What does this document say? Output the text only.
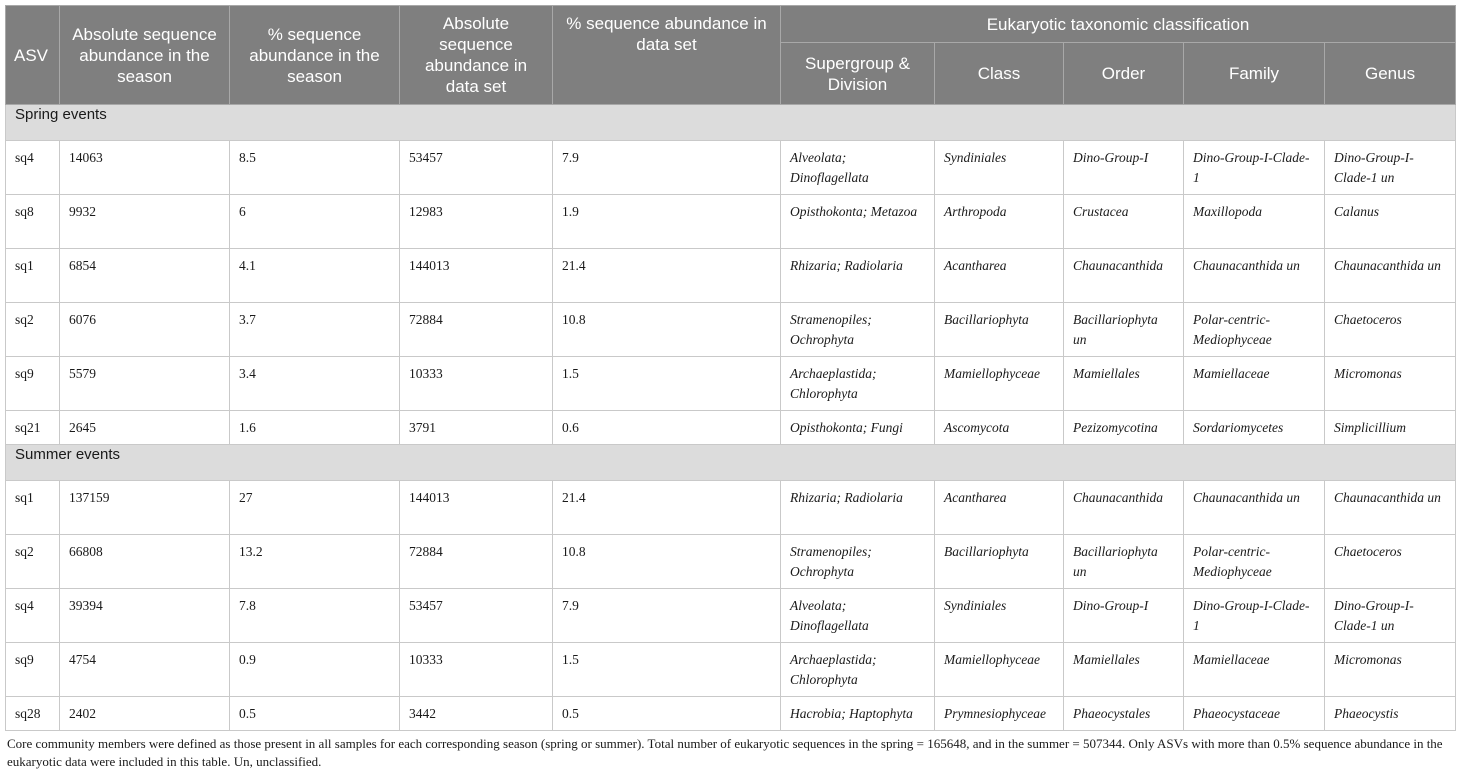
ASV	Absolute sequence abundance in the season	% sequence abundance in the season	Absolute sequence abundance in data set	% sequence abundance in data set	Eukaryotic taxonomic classification				
					Supergroup & Division	Class	Order	Family	Genus
Spring events									
sq4	14063	8.5	53457	7.9	Alveolata; Dinoflagellata	Syndiniales	Dino-Group-I	Dino-Group-I-Clade-1	Dino-Group-I-Clade-1 un
sq8	9932	6	12983	1.9	Opisthokonta; Metazoa	Arthropoda	Crustacea	Maxillopoda	Calanus
sq1	6854	4.1	144013	21.4	Rhizaria; Radiolaria	Acantharea	Chaunacanthida	Chaunacanthida un	Chaunacanthida un
sq2	6076	3.7	72884	10.8	Stramenopiles; Ochrophyta	Bacillariophyta	Bacillariophyta un	Polar-centric-Mediophyceae	Chaetoceros
sq9	5579	3.4	10333	1.5	Archaeplastida; Chlorophyta	Mamiellophyceae	Mamiellales	Mamiellaceae	Micromonas
sq21	2645	1.6	3791	0.6	Opisthokonta; Fungi	Ascomycota	Pezizomycotina	Sordariomycetes	Simplicillium
Summer events									
sq1	137159	27	144013	21.4	Rhizaria; Radiolaria	Acantharea	Chaunacanthida	Chaunacanthida un	Chaunacanthida un
sq2	66808	13.2	72884	10.8	Stramenopiles; Ochrophyta	Bacillariophyta	Bacillariophyta un	Polar-centric-Mediophyceae	Chaetoceros
sq4	39394	7.8	53457	7.9	Alveolata; Dinoflagellata	Syndiniales	Dino-Group-I	Dino-Group-I-Clade-1	Dino-Group-I-Clade-1 un
sq9	4754	0.9	10333	1.5	Archaeplastida; Chlorophyta	Mamiellophyceae	Mamiellales	Mamiellaceae	Micromonas
sq28	2402	0.5	3442	0.5	Hacrobia; Haptophyta	Prymnesiophyceae	Phaeocystales	Phaeocystaceae	Phaeocystis
Core community members were defined as those present in all samples for each corresponding season (spring or summer). Total number of eukaryotic sequences in the spring = 165648, and in the summer = 507344. Only ASVs with more than 0.5% sequence abundance in the eukaryotic data were included in this table. Un, unclassified.
